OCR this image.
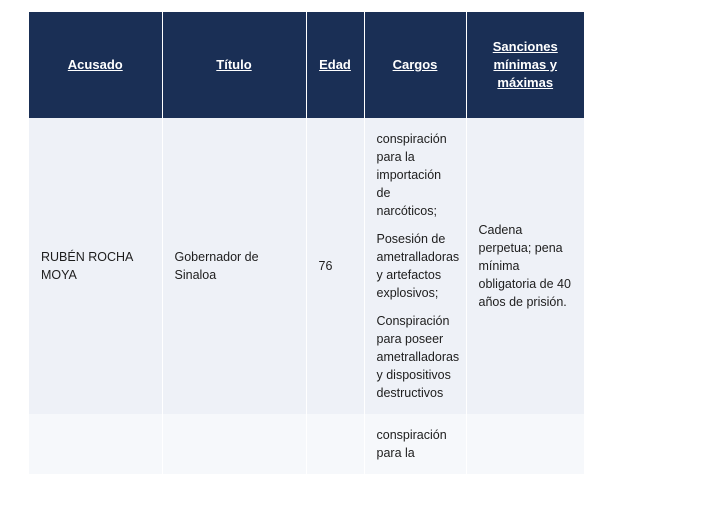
Acusado	Título	Edad	Cargos	Sanciones mínimas y máximas
RUBÉN ROCHA MOYA	Gobernador de Sinaloa	76	conspiración para la importación de narcóticos;
Posesión de ametralladoras y artefactos explosivos;
Conspiración para poseer ametralladoras y dispositivos destructivos	Cadena perpetua; pena mínima obligatoria de 40 años de prisión.

			conspiración para la	
